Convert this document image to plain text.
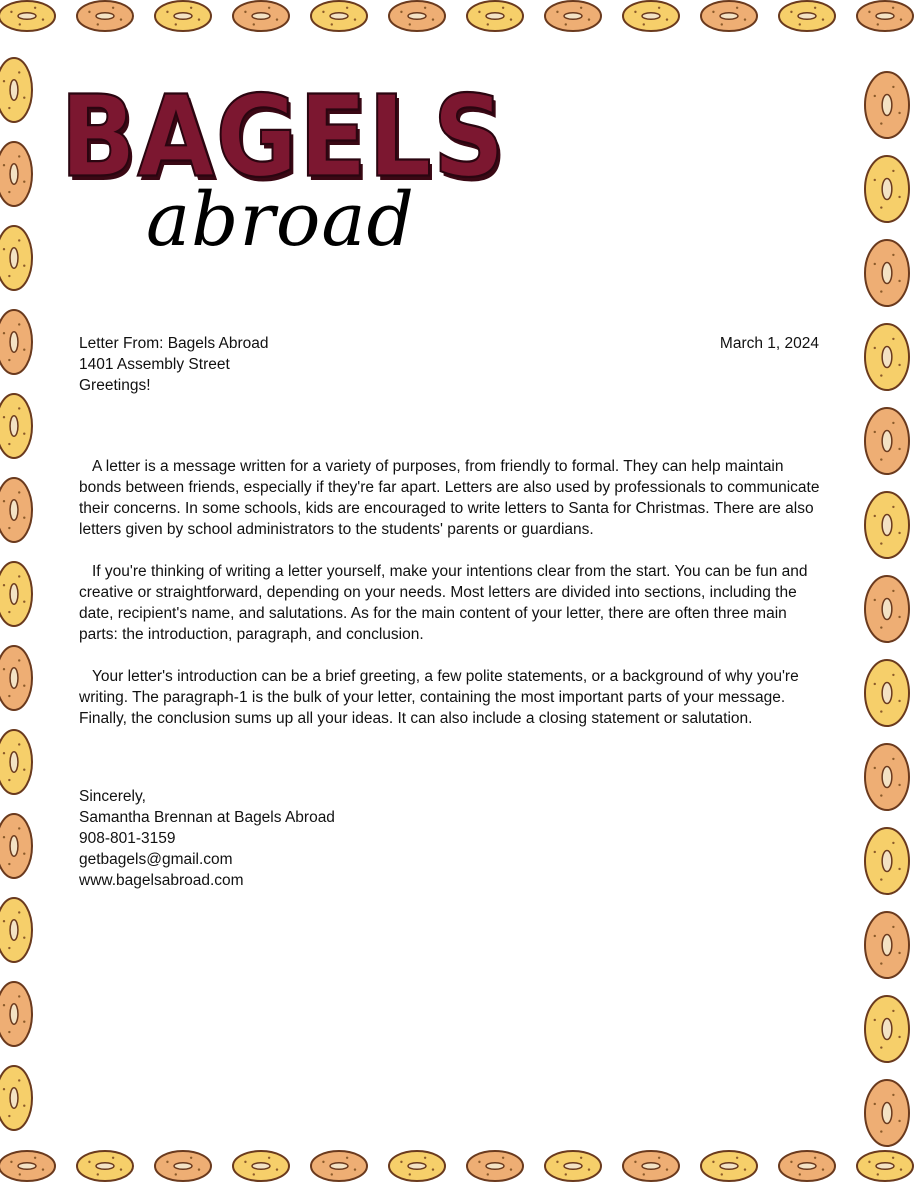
BAGELS
abroad
Letter From: Bagels Abroad	March 1, 2024
1401 Assembly Street
Greetings!

A letter is a message written for a variety of purposes, from friendly to formal. They can help maintain bonds between friends, especially if they're far apart. Letters are also used by professionals to communicate their concerns. In some schools, kids are encouraged to write letters to Santa for Christmas. There are also letters given by school administrators to the students' parents or guardians.

If you're thinking of writing a letter yourself, make your intentions clear from the start. You can be fun and creative or straightforward, depending on your needs. Most letters are divided into sections, including the date, recipient's name, and salutations. As for the main content of your letter, there are often three main parts: the introduction, paragraph, and conclusion.

Your letter's introduction can be a brief greeting, a few polite statements, or a background of why you're writing. The paragraph-1 is the bulk of your letter, containing the most important parts of your message. Finally, the conclusion sums up all your ideas. It can also include a closing statement or salutation.

Sincerely,
Samantha Brennan at Bagels Abroad
908-801-3159
getbagels@gmail.com
www.bagelsabroad.com
